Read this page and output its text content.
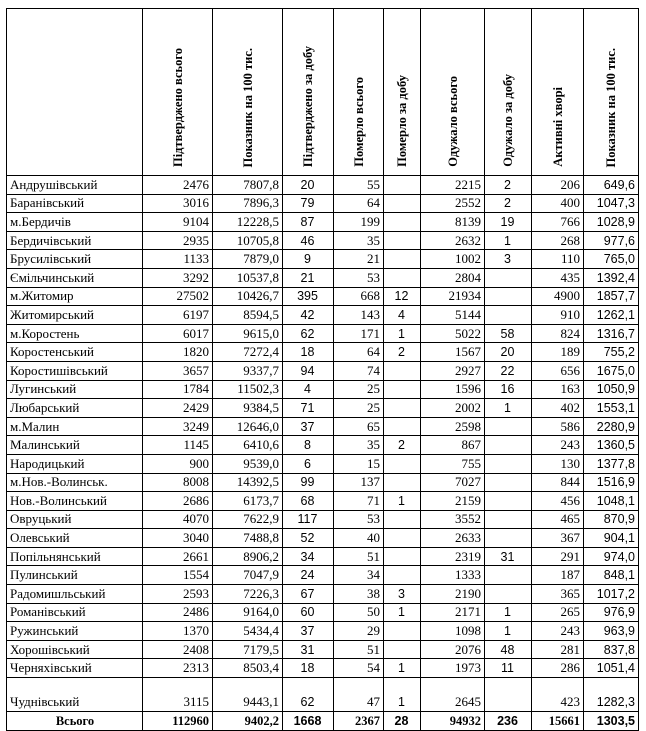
	Підтверджено всього	Показник на 100 тис.	Підтверджено за добу	Померло всього	Померло за добу	Одужало всього	Одужало за добу	Активні хворі	Показник на 100 тис.
Андрушівський	2476	7807,8	20	55		2215	2	206	649,6
Баранівський	3016	7896,3	79	64		2552	2	400	1047,3
м.Бердичів	9104	12228,5	87	199		8139	19	766	1028,9
Бердичівський	2935	10705,8	46	35		2632	1	268	977,6
Брусилівський	1133	7879,0	9	21		1002	3	110	765,0
Ємільчинський	3292	10537,8	21	53		2804		435	1392,4
м.Житомир	27502	10426,7	395	668	12	21934		4900	1857,7
Житомирський	6197	8594,5	42	143	4	5144		910	1262,1
м.Коростень	6017	9615,0	62	171	1	5022	58	824	1316,7
Коростенський	1820	7272,4	18	64	2	1567	20	189	755,2
Коростишівський	3657	9337,7	94	74		2927	22	656	1675,0
Лугинський	1784	11502,3	4	25		1596	16	163	1050,9
Любарський	2429	9384,5	71	25		2002	1	402	1553,1
м.Малин	3249	12646,0	37	65		2598		586	2280,9
Малинський	1145	6410,6	8	35	2	867		243	1360,5
Народицький	900	9539,0	6	15		755		130	1377,8
м.Нов.-Волинськ.	8008	14392,5	99	137		7027		844	1516,9
Нов.-Волинський	2686	6173,7	68	71	1	2159		456	1048,1
Овруцький	4070	7622,9	117	53		3552		465	870,9
Олевський	3040	7488,8	52	40		2633		367	904,1
Попільнянський	2661	8906,2	34	51		2319	31	291	974,0
Пулинський	1554	7047,9	24	34		1333		187	848,1
Радомишльський	2593	7226,3	67	38	3	2190		365	1017,2
Романівський	2486	9164,0	60	50	1	2171	1	265	976,9
Ружинський	1370	5434,4	37	29		1098	1	243	963,9
Хорошівський	2408	7179,5	31	51		2076	48	281	837,8
Черняхівський	2313	8503,4	18	54	1	1973	11	286	1051,4
Чуднівський	3115	9443,1	62	47	1	2645		423	1282,3
Всього	112960	9402,2	1668	2367	28	94932	236	15661	1303,5
